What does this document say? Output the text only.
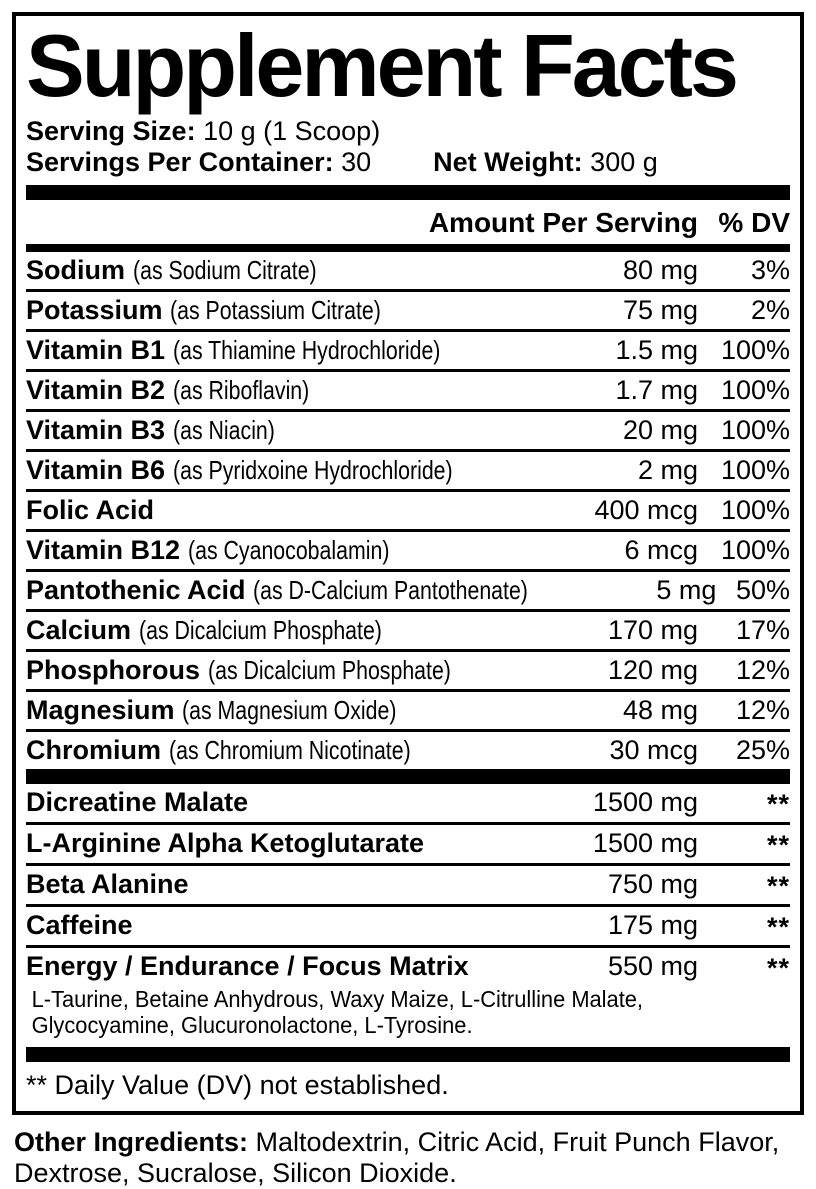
Supplement Facts
Serving Size: 10 g (1 Scoop)
Servings Per Container: 30 Net Weight: 300 g
Amount Per Serving % DV
Sodium (as Sodium Citrate)	80 mg	3%
Potassium (as Potassium Citrate)	75 mg	2%
Vitamin B1 (as Thiamine Hydrochloride)	1.5 mg 100%
Vitamin B2 (as Riboflavin)	1.7 mg 100%
Vitamin B3 (as Niacin)	20 mg 100%
Vitamin B6 (as Pyridxoine Hydrochloride)	2 mg 100%
Folic Acid	400 mcg 100%
Vitamin B12 (as Cyanocobalamin)	6 mcg 100%
Pantothenic Acid (as D-Calcium Pantothenate)	5 mg 50%
Calcium (as Dicalcium Phosphate)	170 mg	17%
Phosphorous (as Dicalcium Phosphate)	120 mg	12%
Magnesium (as Magnesium Oxide)	48 mg	12%
Chromium (as Chromium Nicotinate)	30 mcg	25%
Dicreatine Malate	1500 mg	**
L-Arginine Alpha Ketoglutarate	1500 mg	**
Beta Alanine	750 mg	**
Caffeine	175 mg	**
Energy / Endurance / Focus Matrix	550 mg	**
L-Taurine, Betaine Anhydrous, Waxy Maize, L-Citrulline Malate, Glycocyamine, Glucuronolactone, L-Tyrosine.
** Daily Value (DV) not established.

Other Ingredients: Maltodextrin, Citric Acid, Fruit Punch Flavor, Dextrose, Sucralose, Silicon Dioxide.
